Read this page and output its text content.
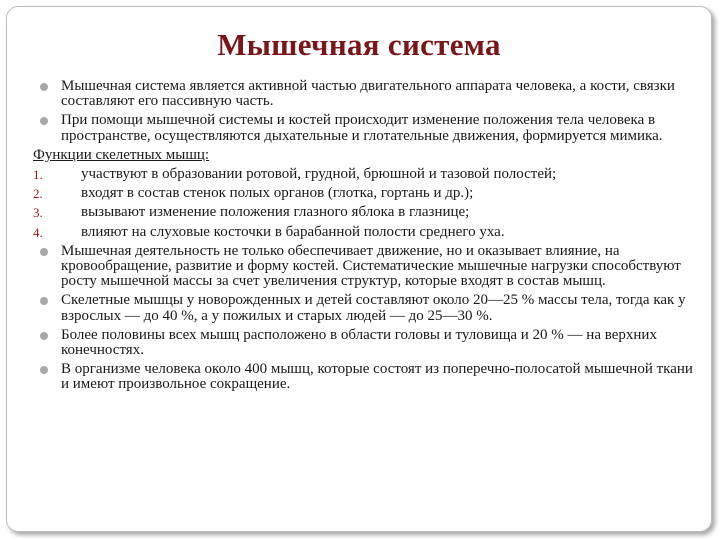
Мышечная система
Мышечная система является активной частью двигательного аппарата человека, а кости, связки составляют его пассивную часть.
При помощи мышечной системы и костей происходит изменение положения тела человека в пространстве, осуществляются дыхательные и глотательные движения, формируется мимика.
Функции скелетных мышц:
1.	участвуют в образовании ротовой, грудной, брюшной и тазовой полостей;
2.	входят в состав стенок полых органов (глотка, гортань и др.);
3.	вызывают изменение положения глазного яблока в глазнице;
4.	влияют на слуховые косточки в барабанной полости среднего уха.
Мышечная деятельность не только обеспечивает движение, но и оказывает влияние, на кровообращение, развитие и форму костей. Систематические мышечные нагрузки способствуют росту мышечной массы за счет увеличения структур, которые входят в состав мышц.
Скелетные мышцы у новорожденных и детей составляют около 20—25 % массы тела, тогда как у взрослых — до 40 %, а у пожилых и старых людей — до 25—30 %.
Более половины всех мышц расположено в области головы и туловища и 20 % — на верхних конечностях.
В организме человека около 400 мышц, которые состоят из поперечно-полосатой мышечной ткани и имеют произвольное сокращение.
